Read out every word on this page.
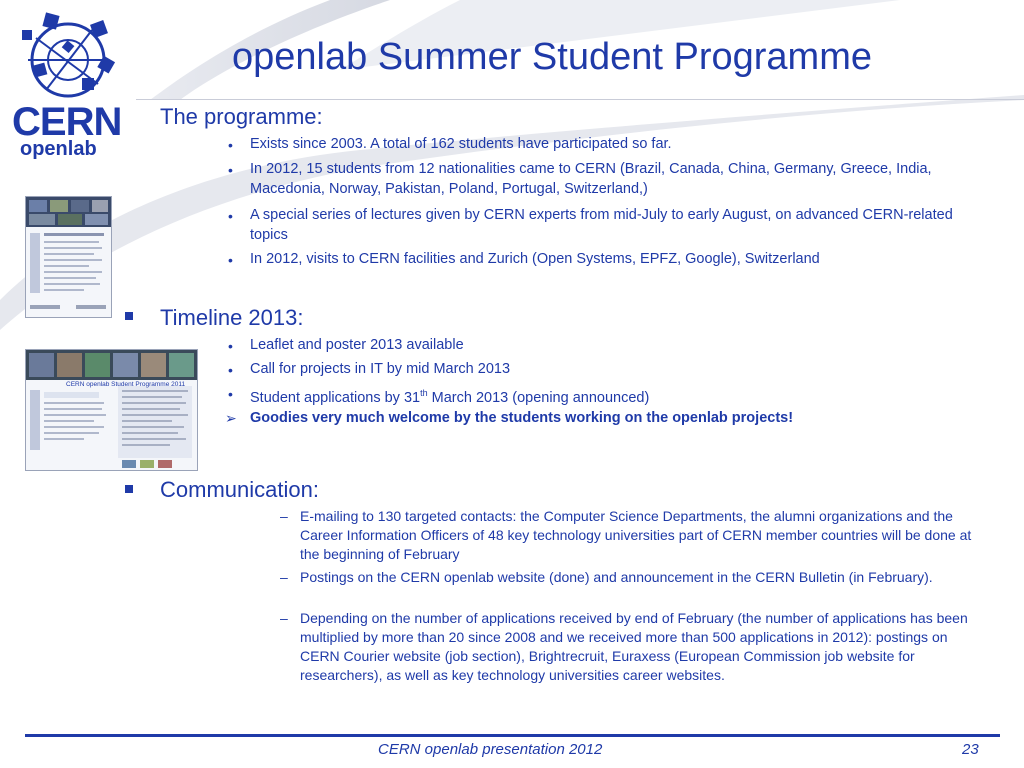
CERN
openlab
openlab Summer Student Programme
CERN openlab Student Programme 2011
The programme:
• Exists since 2003. A total of 162 students have participated so far.
• In 2012, 15 students from 12 nationalities came to CERN (Brazil, Canada, China, Germany, Greece, India, Macedonia, Norway, Pakistan, Poland, Portugal, Switzerland,)
• A special series of lectures given by CERN experts from mid-July to early August, on advanced CERN-related topics
• In 2012, visits to CERN facilities and Zurich (Open Systems, EPFZ, Google), Switzerland
Timeline 2013:
• Leaflet and poster 2013 available
• Call for projects in IT by mid March 2013
• Student applications by 31th March 2013 (opening announced)
➢ Goodies very much welcome by the students working on the openlab projects!
Communication:
– E-mailing to 130 targeted contacts: the Computer Science Departments, the alumni organizations and the Career Information Officers of 48 key technology universities part of CERN member countries will be done at the beginning of February
– Postings on the CERN openlab website (done) and announcement in the CERN Bulletin (in February).
– Depending on the number of applications received by end of February (the number of applications has been multiplied by more than 20 since 2008 and we received more than 500 applications in 2012): postings on CERN Courier website (job section), Brightrecruit, Euraxess (European Commission job website for researchers), as well as key technology universities career websites.
CERN openlab presentation 2012	23
